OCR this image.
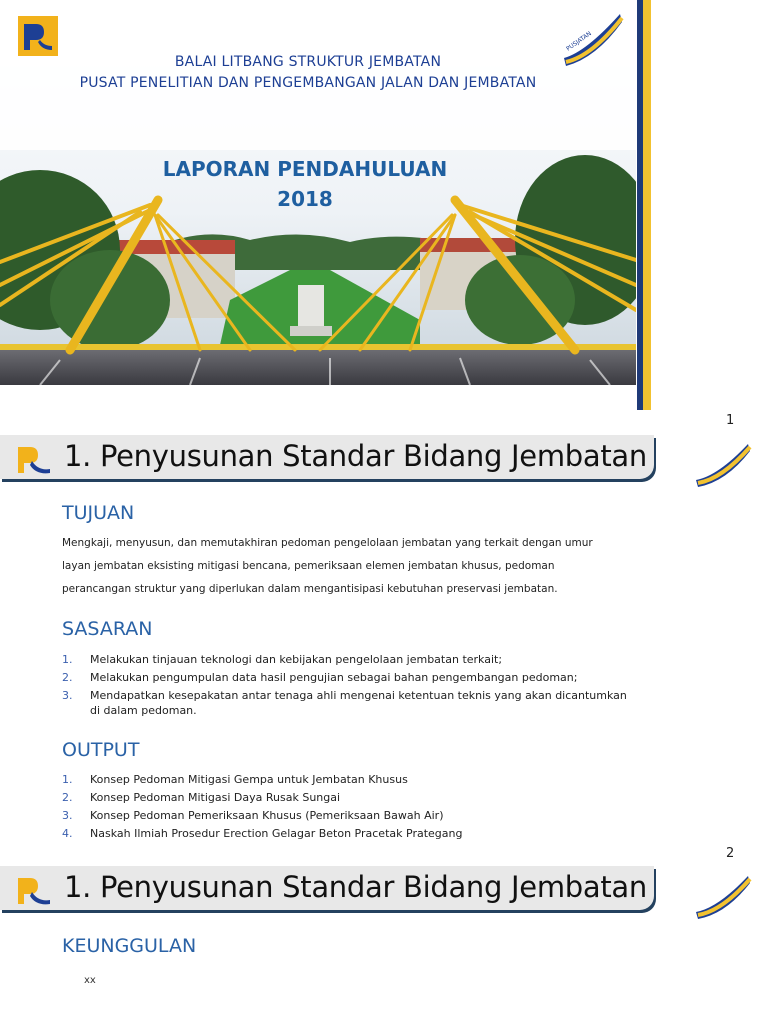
PUSJATAN
BALAI LITBANG STRUKTUR JEMBATAN
PUSAT PENELITIAN DAN PENGEMBANGAN JALAN DAN JEMBATAN
LAPORAN PENDAHULUAN
2018
1
1. Penyusunan Standar Bidang Jembatan
TUJUAN
Mengkaji, menyusun, dan memutakhiran pedoman pengelolaan jembatan yang terkait dengan umur
layan jembatan eksisting mitigasi bencana, pemeriksaan elemen jembatan khusus, pedoman
perancangan struktur yang diperlukan dalam mengantisipasi kebutuhan preservasi jembatan.
SASARAN
1.	Melakukan tinjauan teknologi dan kebijakan pengelolaan jembatan terkait;
2.	Melakukan pengumpulan data hasil pengujian sebagai bahan pengembangan pedoman;
3.	Mendapatkan kesepakatan antar tenaga ahli mengenai ketentuan teknis yang akan dicantumkan di dalam pedoman.
OUTPUT
1.	Konsep Pedoman Mitigasi Gempa untuk Jembatan Khusus
2.	Konsep Pedoman Mitigasi Daya Rusak Sungai
3.	Konsep Pedoman Pemeriksaan Khusus (Pemeriksaan Bawah Air)
4.	Naskah Ilmiah Prosedur Erection Gelagar Beton Pracetak Prategang
2
1. Penyusunan Standar Bidang Jembatan
KEUNGGULAN
xx
